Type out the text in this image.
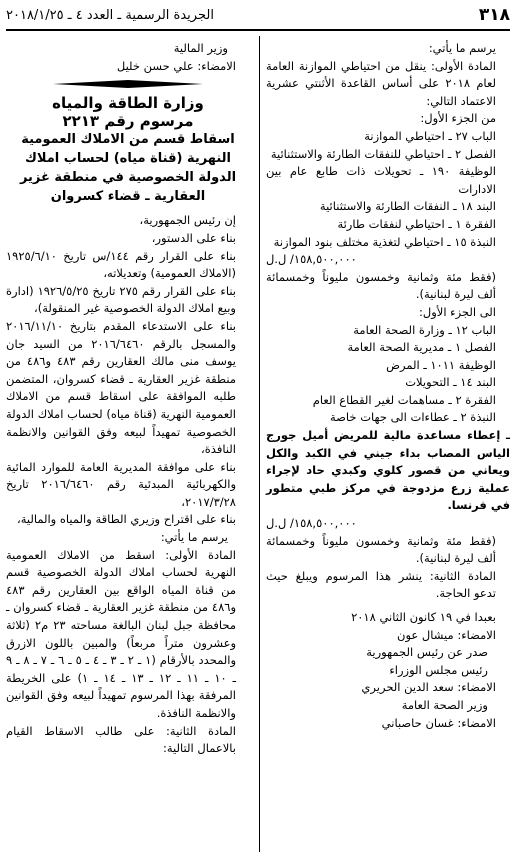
٣١٨
الجريدة الرسمية ـ العدد ٤ ـ ٢٠١٨/١/٢٥

يرسم ما يأتي:

المادة الأولى: ينقل من احتياطي الموازنة العامة لعام ٢٠١٨ على أساس القاعدة الأثنتي عشرية الاعتماد التالي:

من الجزء الأول:

الباب ٢٧ ـ احتياطي الموازنة

الفصل ٢ ـ احتياطي للنفقات الطارئة والاستثنائية

الوظيفة ١٩٠ ـ تحويلات ذات طابع عام بين الادارات

البند ١٨ ـ النفقات الطارئة والاستثنائية

الفقرة ١ ـ احتياطي لنفقات طارئة

النبذة ١٥ ـ احتياطي لتغذية مختلف بنود الموازنة

١٥٨,٥٠٠,٠٠٠/ ل.ل

(فقط مئة وثمانية وخمسون مليوناً وخمسمائة ألف ليرة لبنانية).

الى الجزء الأول:

الباب ١٢ ـ وزارة الصحة العامة

الفصل ١ ـ مديرية الصحة العامة

الوظيفة ١٠١١ ـ المرض

البند ١٤ ـ التحويلات

الفقرة ٢ ـ مساهمات لغير القطاع العام

النبذة ٢ ـ عطاءات الى جهات خاصة

ـ إعطاء مساعدة مالية للمريض أميل جورج الياس المصاب بداء جيني في الكبد والكل ويعاني من قصور كلوي وكبدي حاد لإجراء عملية زرع مزدوجة في مركز طبي متطور في فرنسا.

١٥٨,٥٠٠,٠٠٠/ ل.ل

(فقط مئة وثمانية وخمسون مليوناً وخمسمائة ألف ليرة لبنانية).

المادة الثانية: ينشر هذا المرسوم ويبلغ حيث تدعو الحاجة.

بعبدا في ١٩ كانون الثاني ٢٠١٨

الامضاء: ميشال عون

صدر عن رئيس الجمهورية

رئيس مجلس الوزراء

الامضاء: سعد الدين الحريري

وزير الصحة العامة

الامضاء: غسان حاصباني

وزير المالية

الامضاء: علي حسن خليل

وزارة الطاقة والمياه

مرسوم رقم ٢٢١٣

اسقاط قسم من الاملاك العمومية النهرية (قناة مياه) لحساب املاك الدولة الخصوصية في منطقة غزير العقارية ـ قضاء كسروان

إن رئيس الجمهورية،

بناء على الدستور،

بناء على القرار رقم ١٤٤/س تاريخ ١٩٢٥/٦/١٠ (الاملاك العمومية) وتعديلاته،

بناء على القرار رقم ٢٧٥ تاريخ ١٩٢٦/٥/٢٥ (ادارة وبيع املاك الدولة الخصوصية غير المنقولة)،

بناء على الاستدعاء المقدم بتاريخ ٢٠١٦/١١/١٠ والمسجل بالرقم ٢٠١٦/٦٤٦٠ من السيد جان يوسف منى مالك العقارين رقم ٤٨٣ و٤٨٦ من منطقة غزير العقارية ـ قضاء كسروان، المتضمن طلبه الموافقة على اسقاط قسم من الاملاك العمومية النهرية (قناة مياه) لحساب املاك الدولة الخصوصية تمهيداً لبيعه وفق القوانين والانظمة النافذة،

بناء على موافقة المديرية العامة للموارد المائية والكهربائية المبدئية رقم ٢٠١٦/٦٤٦٠ تاريخ ٢٠١٧/٣/٢٨،

بناء على اقتراح وزيري الطاقة والمياه والمالية،

يرسم ما يأتي:

المادة الأولى: اسقط من الاملاك العمومية النهرية لحساب املاك الدولة الخصوصية قسم من قناة المياه الواقع بين العقارين رقم ٤٨٣ و٤٨٦ من منطقة غزير العقارية ـ قضاء كسروان ـ محافظة جبل لبنان البالغة مساحته ٢٣ م٢ (ثلاثة وعشرون متراً مربعاً) والمبين باللون الازرق والمحدد بالأرقام (١ ـ ٢ ـ ٣ ـ ٤ ـ ٥ ـ ٦ ـ ٧ ـ ٨ ـ ٩ ـ ١٠ ـ ١١ ـ ١٢ ـ ١٣ ـ ١٤ ـ ١) على الخريطة المرفقة بهذا المرسوم تمهيداً لبيعه وفق القوانين والانظمة النافذة.

المادة الثانية: على طالب الاسقاط القيام بالاعمال التالية:
